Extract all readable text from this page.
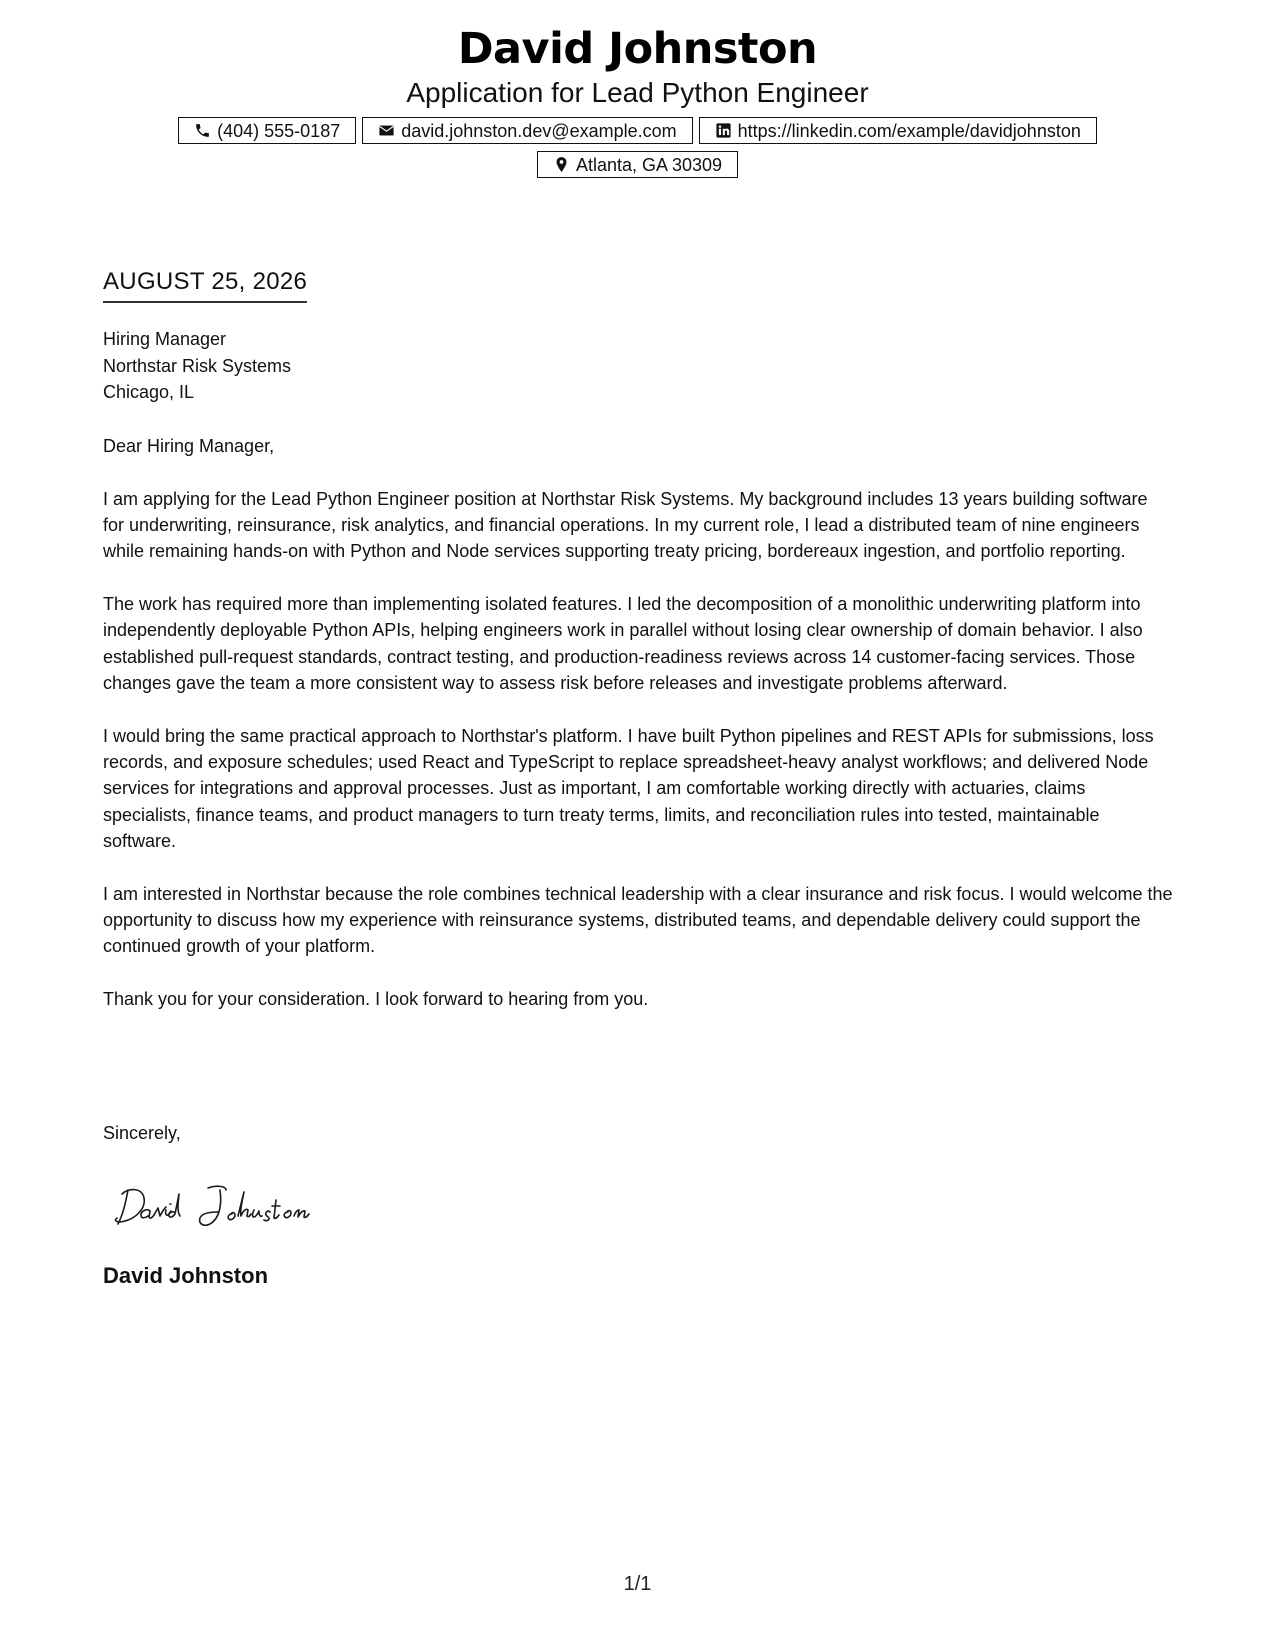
David Johnston
Application for Lead Python Engineer
(404) 555-0187	david.johnston.dev@example.com	https://linkedin.com/example/davidjohnston
Atlanta, GA 30309
AUGUST 25, 2026
Hiring Manager
Northstar Risk Systems
Chicago, IL

Dear Hiring Manager,

I am applying for the Lead Python Engineer position at Northstar Risk Systems. My background includes 13 years building software for underwriting, reinsurance, risk analytics, and financial operations. In my current role, I lead a distributed team of nine engineers while remaining hands-on with Python and Node services supporting treaty pricing, bordereaux ingestion, and portfolio reporting.

The work has required more than implementing isolated features. I led the decomposition of a monolithic underwriting platform into independently deployable Python APIs, helping engineers work in parallel without losing clear ownership of domain behavior. I also established pull-request standards, contract testing, and production-readiness reviews across 14 customer-facing services. Those changes gave the team a more consistent way to assess risk before releases and investigate problems afterward.

I would bring the same practical approach to Northstar's platform. I have built Python pipelines and REST APIs for submissions, loss records, and exposure schedules; used React and TypeScript to replace spreadsheet-heavy analyst workflows; and delivered Node services for integrations and approval processes. Just as important, I am comfortable working directly with actuaries, claims specialists, finance teams, and product managers to turn treaty terms, limits, and reconciliation rules into tested, maintainable software.

I am interested in Northstar because the role combines technical leadership with a clear insurance and risk focus. I would welcome the opportunity to discuss how my experience with reinsurance systems, distributed teams, and dependable delivery could support the continued growth of your platform.

Thank you for your consideration. I look forward to hearing from you.

Sincerely,
David Johnston
1/1
